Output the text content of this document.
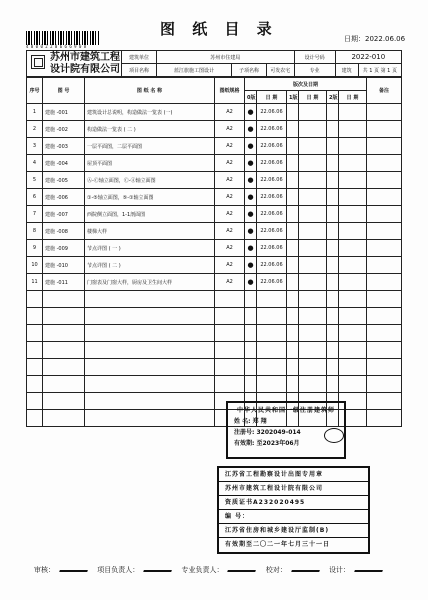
图 纸 目 录
日期：2022.06.06
4 0 0 0 2 2 0 6 6 6 9 0 8
	建筑单位	苏州市住建局			设计号码	2022-010	
	项目名称	蓝江旅施工图设计	子项名称	可发农宅	专业	建筑	共 1 页 第 1 页
苏州市建筑工程
设计院有限公司
序号	图 号	图 纸 名 称	图纸规格	版次及日期						备注
				0版	日 期	1版	日 期	2版	日 期	
1	建施 -001	建筑设计总说明，构造做法一览表 (一)	A2	●	22.06.06					
2	建施 -002	构造做法一览表 ( 二 )	A2	●	22.06.06					
3	建施 -003	一层平面图，二层平面图	A2	●	22.06.06					
4	建施 -004	屋顶平面图	A2	●	22.06.06					
5	建施 -005	Ⓐ-Ⓒ轴立面图，Ⓒ-Ⓐ轴立面图	A2	●	22.06.06					
6	建施 -006	①-⑤轴立面图，⑤-①轴立面图	A2	●	22.06.06					
7	建施 -007	西院侧立面图，1-1剖面图	A2	●	22.06.06					
8	建施 -008	楼梯大样	A2	●	22.06.06					
9	建施 -009	节点详图 ( 一 )	A2	●	22.06.06					
10	建施 -010	节点详图 ( 二 )	A2	●	22.06.06					
11	建施 -011	门窗表及门窗大样，厨房及卫生间大样	A2	●	22.06.06					

中华人民共和国一级注册建筑师
姓 名: 郑 翔
注册号: 3202049-014
有效期: 至2023年06月
江苏省工程勘察设计出图专用章
苏州市建筑工程设计院有限公司
资质证书A232020495
编 号：
江苏省住房和城乡建设厅监制(B)
有效期至二〇二一年七月三十一日
审核：	项目负责人：	专业负责人：	校对：	设计：
